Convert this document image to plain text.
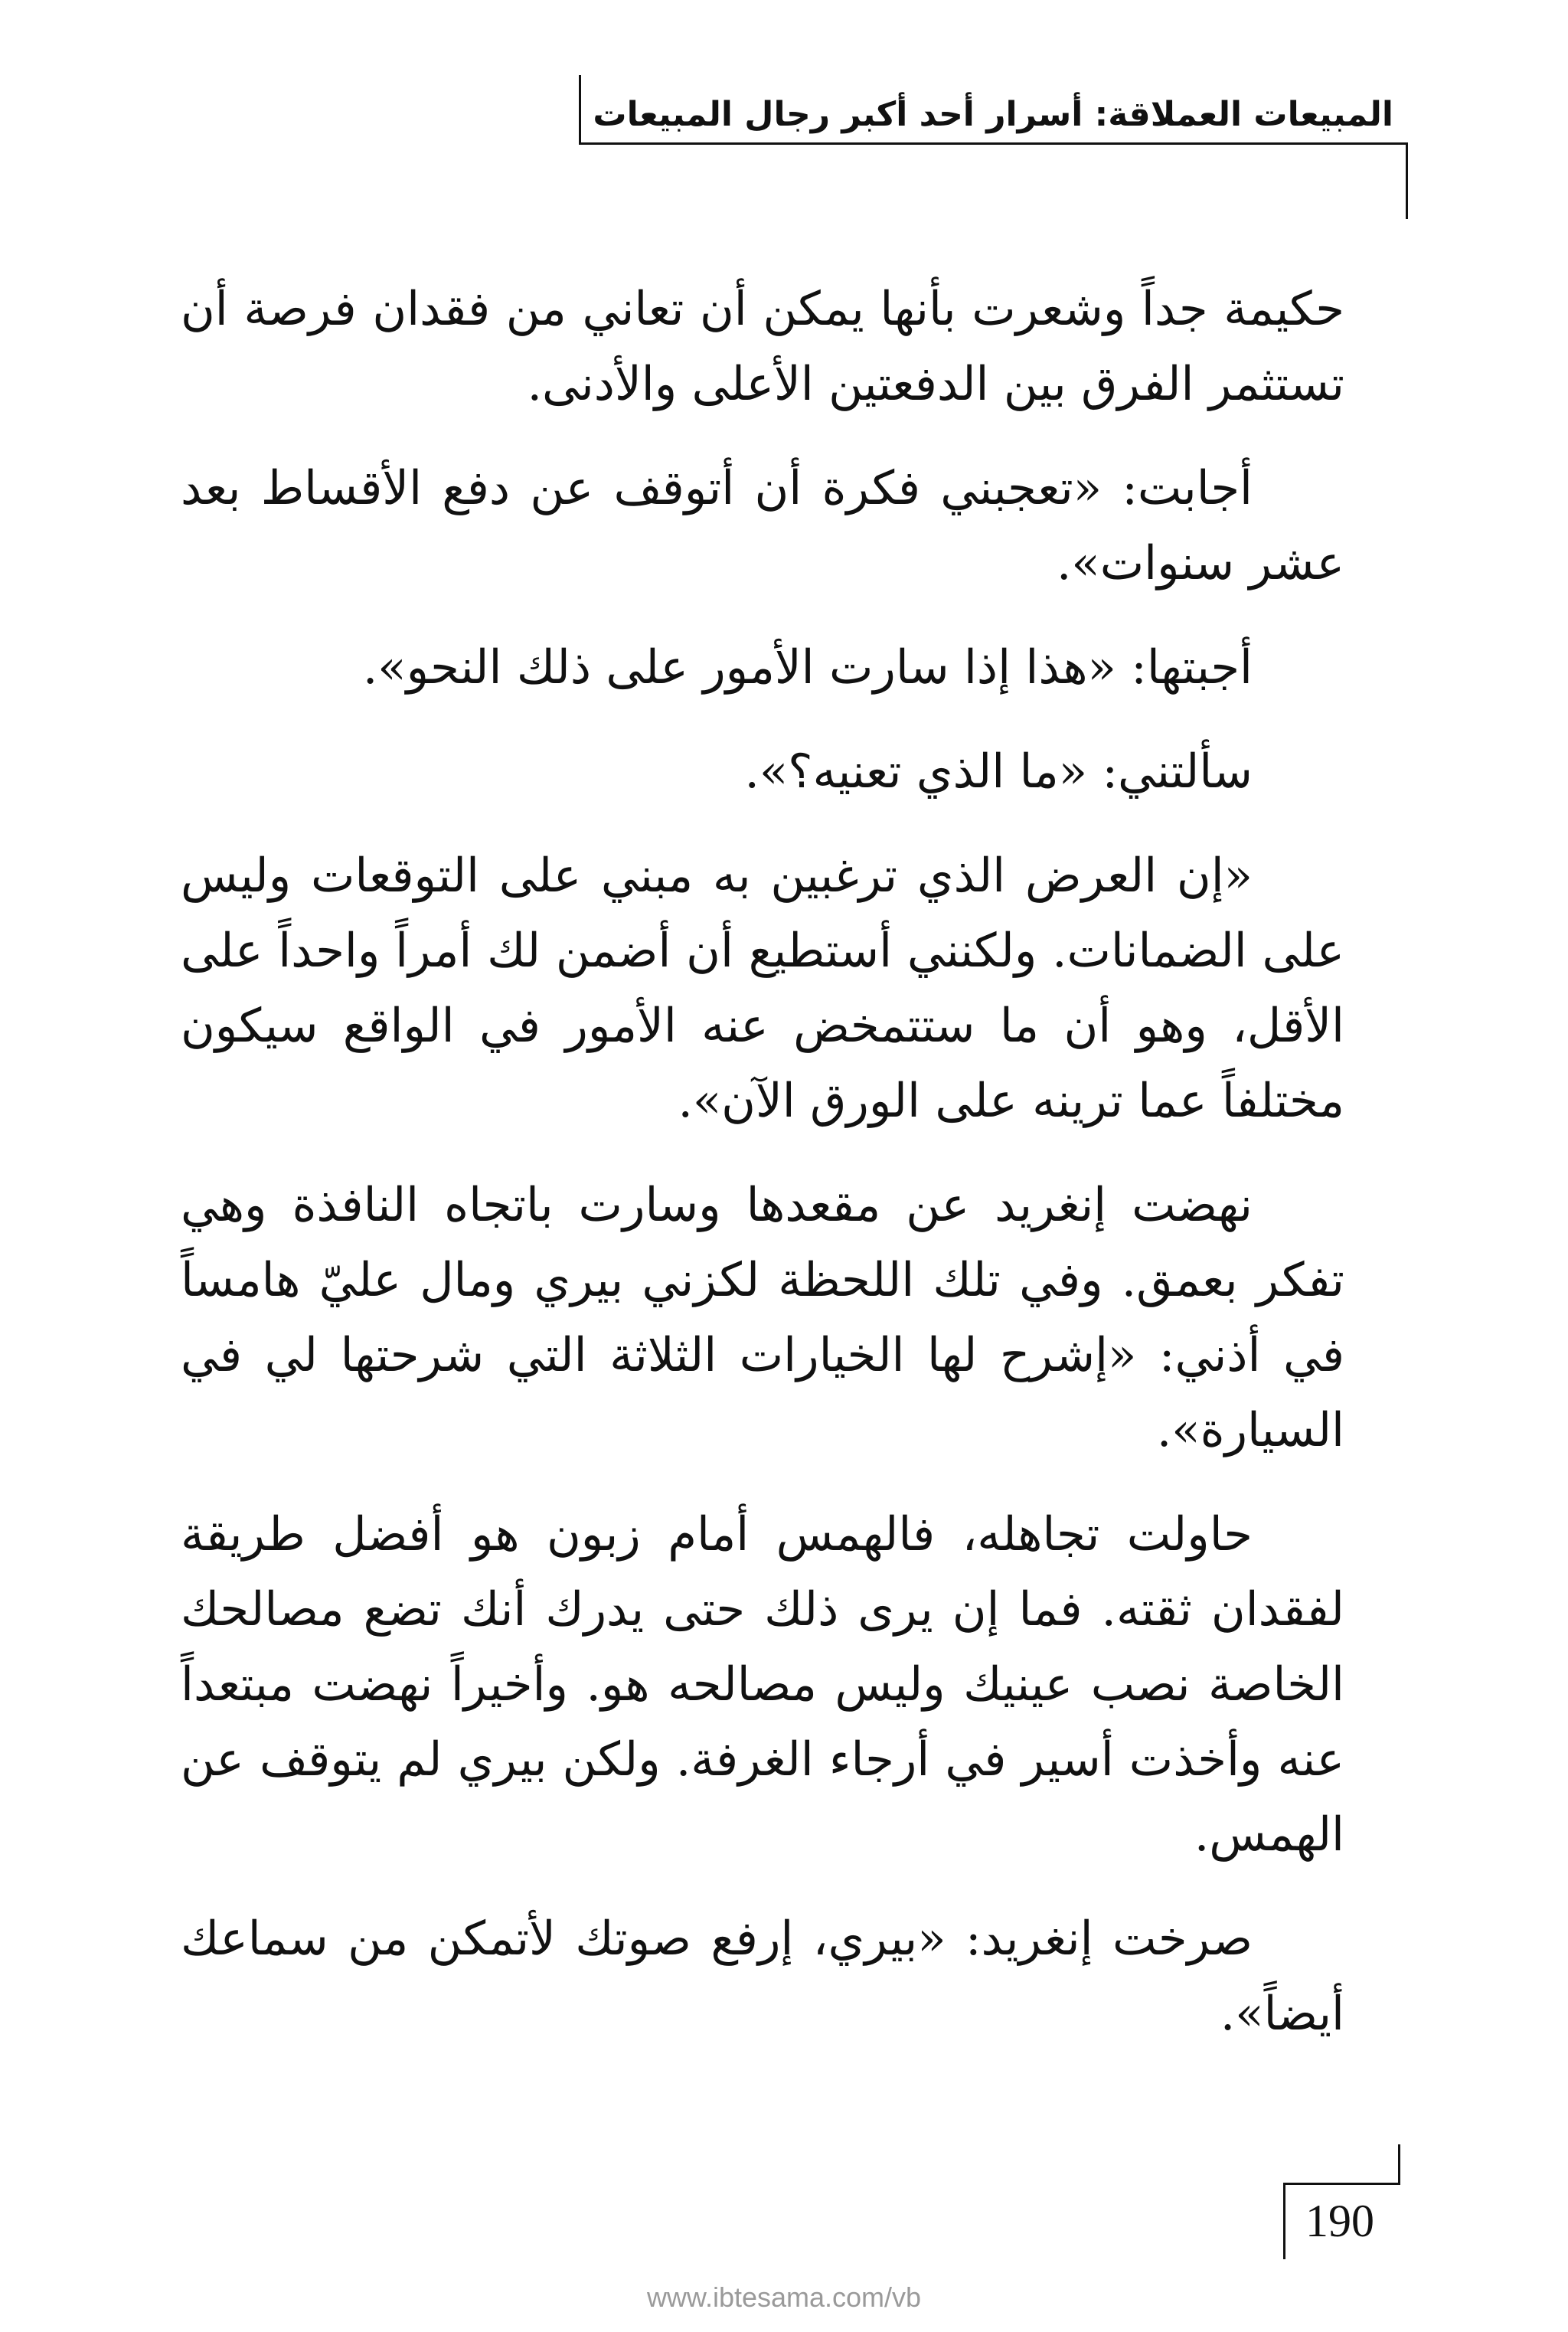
المبيعات العملاقة: أسرار أحد أكبر رجال المبيعات

حكيمة جداً وشعرت بأنها يمكن أن تعاني من فقدان فرصة أن تستثمر الفرق بين الدفعتين الأعلى والأدنى.

أجابت: «تعجبني فكرة أن أتوقف عن دفع الأقساط بعد عشر سنوات».

أجبتها: «هذا إذا سارت الأمور على ذلك النحو».

سألتني: «ما الذي تعنيه؟».

«إن العرض الذي ترغبين به مبني على التوقعات وليس على الضمانات. ولكنني أستطيع أن أضمن لك أمراً واحداً على الأقل، وهو أن ما ستتمخض عنه الأمور في الواقع سيكون مختلفاً عما ترينه على الورق الآن».

نهضت إنغريد عن مقعدها وسارت باتجاه النافذة وهي تفكر بعمق. وفي تلك اللحظة لكزني بيري ومال عليّ هامساً في أذني: «إشرح لها الخيارات الثلاثة التي شرحتها لي في السيارة».

حاولت تجاهله، فالهمس أمام زبون هو أفضل طريقة لفقدان ثقته. فما إن يرى ذلك حتى يدرك أنك تضع مصالحك الخاصة نصب عينيك وليس مصالحه هو. وأخيراً نهضت مبتعداً عنه وأخذت أسير في أرجاء الغرفة. ولكن بيري لم يتوقف عن الهمس.

صرخت إنغريد: «بيري، إرفع صوتك لأتمكن من سماعك أيضاً».

190
www.ibtesama.com/vb
